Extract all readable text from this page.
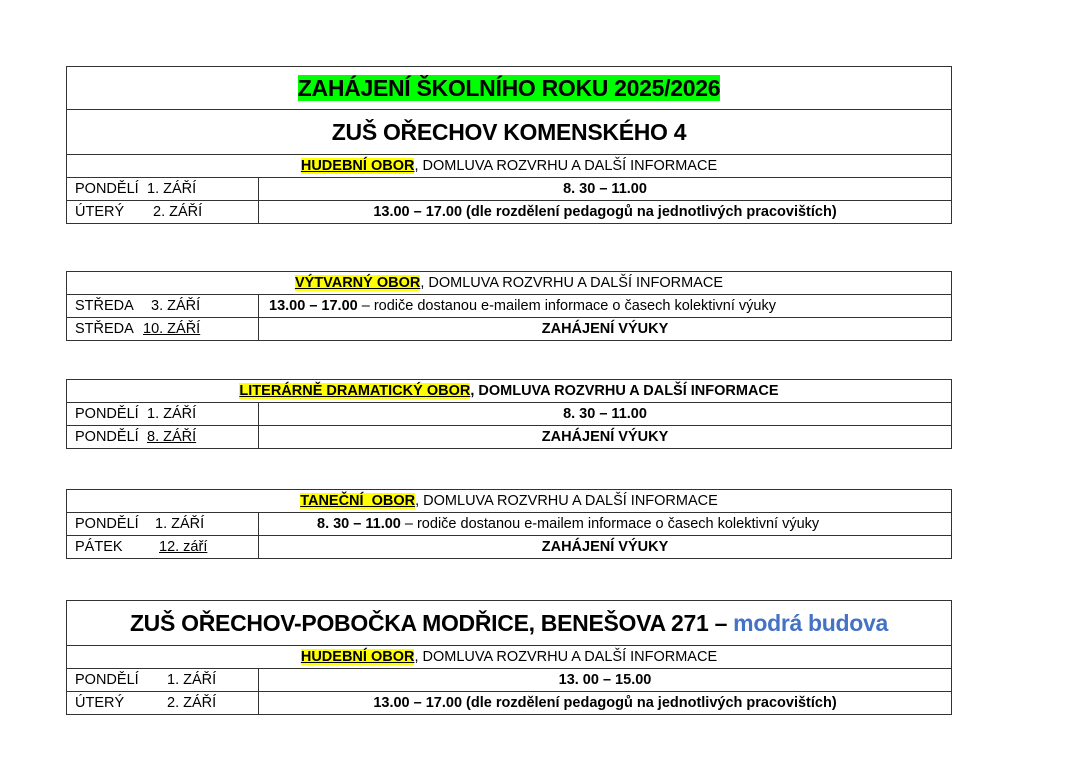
ZAHÁJENÍ ŠKOLNÍHO ROKU 2025/2026	
ZUŠ OŘECHOV KOMENSKÉHO 4	
HUDEBNÍ OBOR, DOMLUVA ROZVRHU A DALŠÍ INFORMACE	
PONDĚLÍ 1. ZÁŘÍ	8. 30 – 11.00
ÚTERÝ 2. ZÁŘÍ	13.00 – 17.00 (dle rozdělení pedagogů na jednotlivých pracovištích)
VÝTVARNÝ OBOR, DOMLUVA ROZVRHU A DALŠÍ INFORMACE	
STŘEDA 3. ZÁŘÍ	13.00 – 17.00 – rodiče dostanou e-mailem informace o časech kolektivní výuky
STŘEDA 10. ZÁŘÍ	ZAHÁJENÍ VÝUKY
LITERÁRNĚ DRAMATICKÝ OBOR, DOMLUVA ROZVRHU A DALŠÍ INFORMACE	
PONDĚLÍ 1. ZÁŘÍ	8. 30 – 11.00
PONDĚLÍ 8. ZÁŘÍ	ZAHÁJENÍ VÝUKY
TANEČNÍ  OBOR, DOMLUVA ROZVRHU A DALŠÍ INFORMACE	
PONDĚLÍ 1. ZÁŘÍ	8. 30 – 11.00 – rodiče dostanou e-mailem informace o časech kolektivní výuky
PÁTEK 12. září	ZAHÁJENÍ VÝUKY
ZUŠ OŘECHOV-POBOČKA MODŘICE, BENEŠOVA 271 – modrá budova	
HUDEBNÍ OBOR, DOMLUVA ROZVRHU A DALŠÍ INFORMACE	
PONDĚLÍ 1. ZÁŘÍ	13. 00 – 15.00
ÚTERÝ 2. ZÁŘÍ	13.00 – 17.00 (dle rozdělení pedagogů na jednotlivých pracovištích)
